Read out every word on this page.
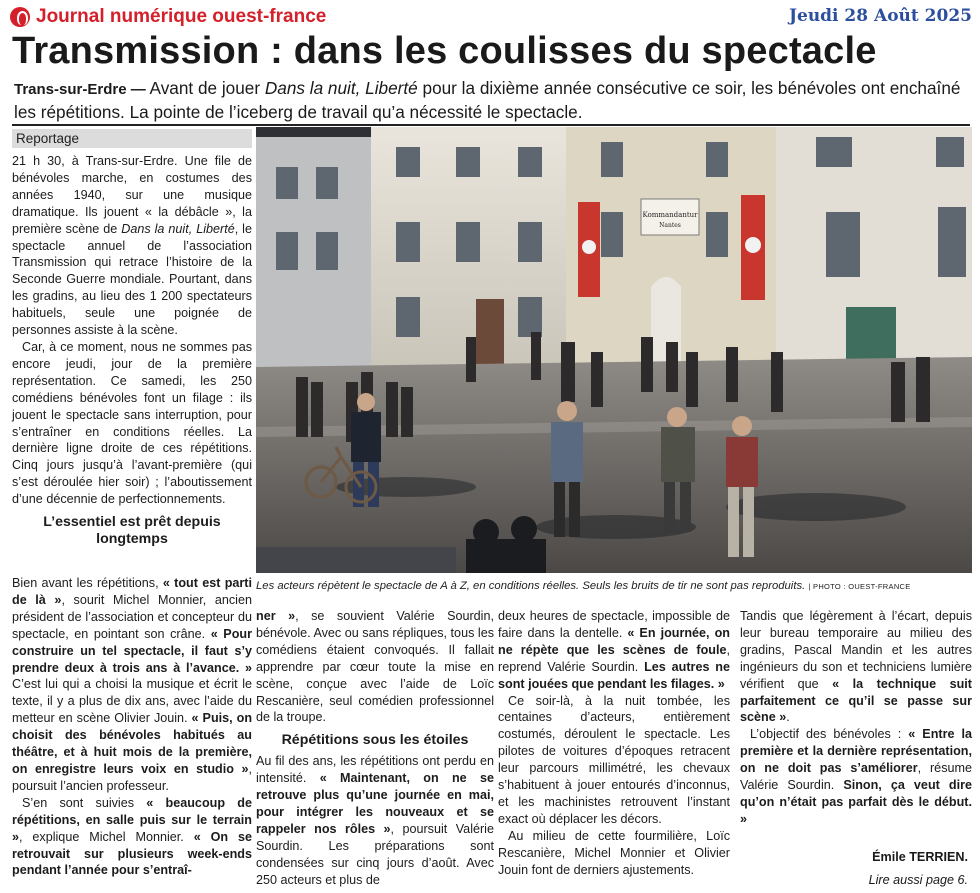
Journal numérique ouest-france	Jeudi 28 Août 2025
Transmission : dans les coulisses du spectacle
Trans-sur-Erdre — Avant de jouer Dans la nuit, Liberté pour la dixième année consécutive ce soir, les bénévoles ont enchaîné les répétitions. La pointe de l’iceberg de travail qu’a nécessité le spectacle.
Reportage

21 h 30, à Trans-sur-Erdre. Une file de bénévoles marche, en costumes des années 1940, sur une musique dramatique. Ils jouent « la débâcle », la première scène de Dans la nuit, Liberté, le spectacle annuel de l’association Transmission qui retrace l’histoire de la Seconde Guerre mondiale. Pourtant, dans les gradins, au lieu des 1 200 spectateurs habituels, seule une poignée de personnes assiste à la scène.

Car, à ce moment, nous ne sommes pas encore jeudi, jour de la première représentation. Ce samedi, les 250 comédiens bénévoles font un filage : ils jouent le spectacle sans interruption, pour s’entraîner en conditions réelles. La dernière ligne droite de ces répétitions. Cinq jours jusqu’à l’avant-première (qui s’est déroulée hier soir) ; l’aboutissement d’une décennie de perfectionnements.

L’essentiel est prêt depuis longtemps

Bien avant les répétitions, « tout est parti de là », sourit Michel Monnier, ancien président de l’association et concepteur du spectacle, en pointant son crâne. « Pour construire un tel spectacle, il faut s’y prendre deux à trois ans à l’avance. » C’est lui qui a choisi la musique et écrit le texte, il y a plus de dix ans, avec l’aide du metteur en scène Olivier Jouin. « Puis, on choisit des bénévoles habitués au théâtre, et à huit mois de la première, on enregistre leurs voix en studio », poursuit l’ancien professeur.

S’en sont suivies « beaucoup de répétitions, en salle puis sur le terrain », explique Michel Monnier. « On se retrouvait sur plusieurs week-ends pendant l’année pour s’entraî-

Kommandantur
Nantes
Les acteurs répètent le spectacle de A à Z, en conditions réelles. Seuls les bruits de tir ne sont pas reproduits. | PHOTO : OUEST-FRANCE

ner », se souvient Valérie Sourdin, bénévole. Avec ou sans répliques, tous les comédiens étaient convoqués. Il fallait apprendre par cœur toute la mise en scène, conçue avec l’aide de Loïc Rescanière, seul comédien professionnel de la troupe.

Répétitions sous les étoiles

Au fil des ans, les répétitions ont perdu en intensité. « Maintenant, on ne se retrouve plus qu’une journée en mai, pour intégrer les nouveaux et se rappeler nos rôles », poursuit Valérie Sourdin. Les préparations sont condensées sur cinq jours d’août. Avec 250 acteurs et plus de

deux heures de spectacle, impossible de faire dans la dentelle. « En journée, on ne répète que les scènes de foule, reprend Valérie Sourdin. Les autres ne sont jouées que pendant les filages. »

Ce soir-là, à la nuit tombée, les centaines d’acteurs, entièrement costumés, déroulent le spectacle. Les pilotes de voitures d’époques retracent leur parcours millimétré, les chevaux s’habituent à jouer entourés d’inconnus, et les machinistes retrouvent l’instant exact où déplacer les décors.

Au milieu de cette fourmilière, Loïc Rescanière, Michel Monnier et Olivier Jouin font de derniers ajustements.

Tandis que légèrement à l’écart, depuis leur bureau temporaire au milieu des gradins, Pascal Mandin et les autres ingénieurs du son et techniciens lumière vérifient que « la technique suit parfaitement ce qu’il se passe sur scène ».

L’objectif des bénévoles : « Entre la première et la dernière représentation, on ne doit pas s’améliorer, résume Valérie Sourdin. Sinon, ça veut dire qu’on n’était pas parfait dès le début. »

Émile TERRIEN.
Lire aussi page 6.
